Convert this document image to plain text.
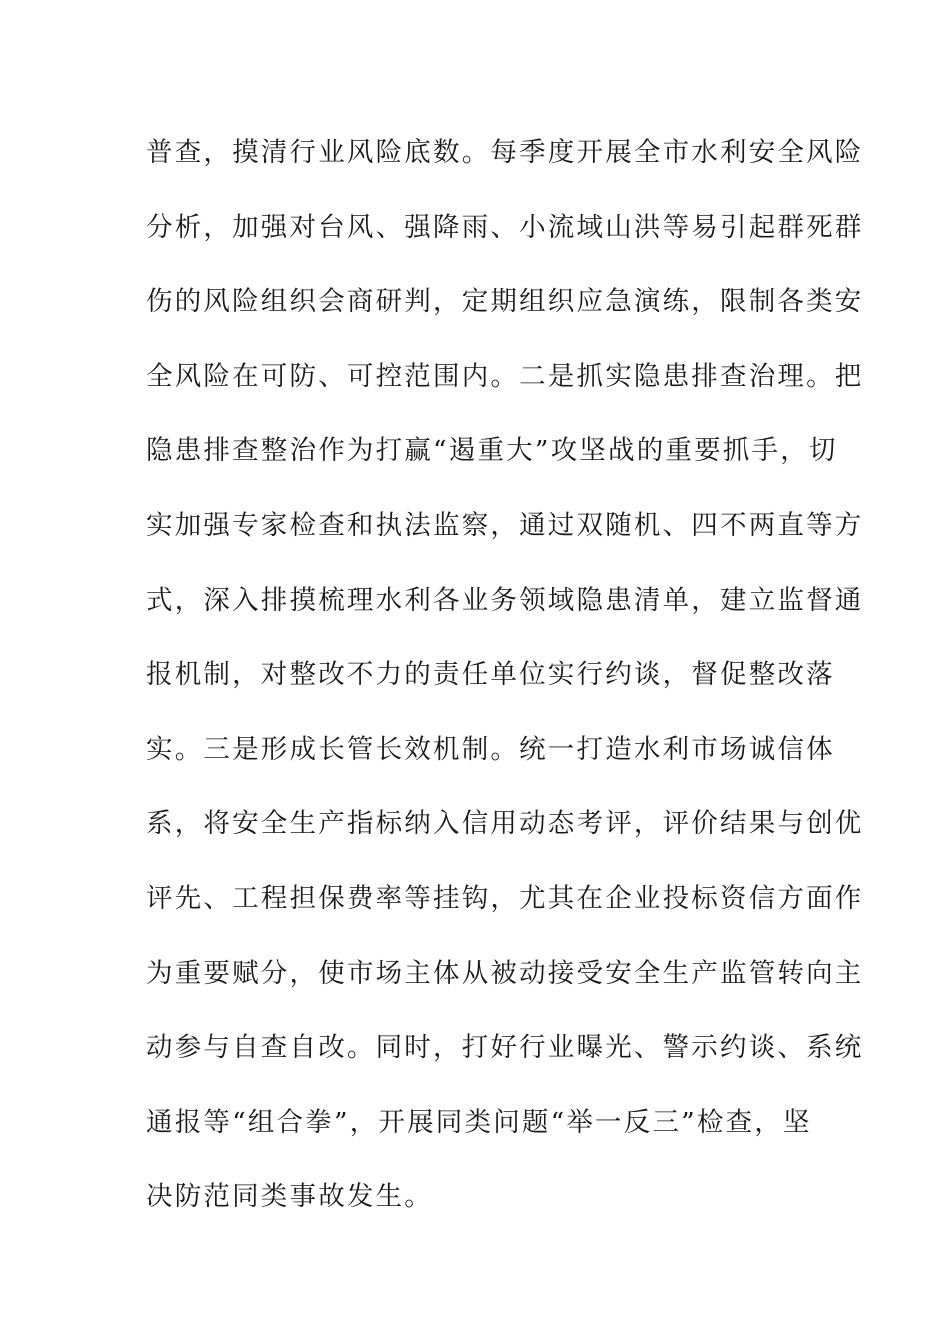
普查，摸清行业风险底数。每季度开展全市水利安全风险
分析，加强对台风、强降雨、小流域山洪等易引起群死群
伤的风险组织会商研判，定期组织应急演练，限制各类安
全风险在可防、可控范围内。二是抓实隐患排查治理。把
隐患排查整治作为打赢“遏重大”攻坚战的重要抓手，切
实加强专家检查和执法监察，通过双随机、四不两直等方
式，深入排摸梳理水利各业务领域隐患清单，建立监督通
报机制，对整改不力的责任单位实行约谈，督促整改落
实。三是形成长管长效机制。统一打造水利市场诚信体
系，将安全生产指标纳入信用动态考评，评价结果与创优
评先、工程担保费率等挂钩，尤其在企业投标资信方面作
为重要赋分，使市场主体从被动接受安全生产监管转向主
动参与自查自改。同时，打好行业曝光、警示约谈、系统
通报等“组合拳”，开展同类问题“举一反三”检查，坚
决防范同类事故发生。
